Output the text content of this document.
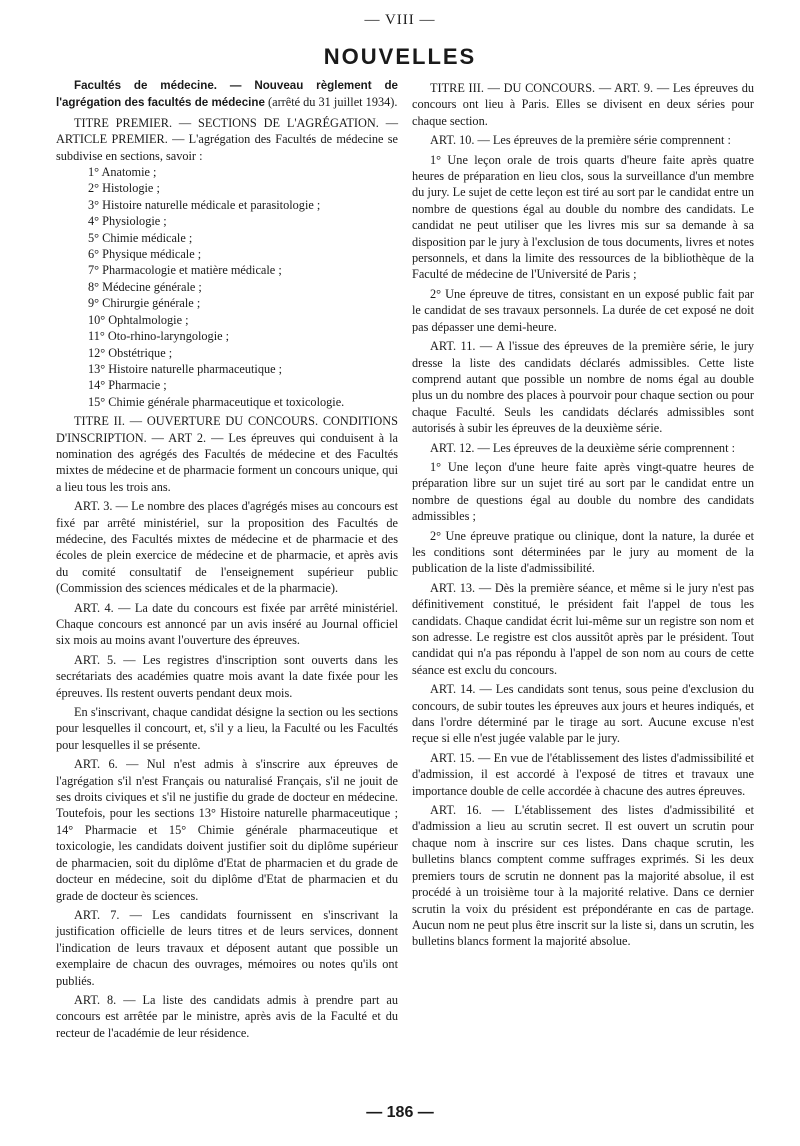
— VIII —
NOUVELLES

Facultés de médecine. — Nouveau règlement de l'agrégation des facultés de médecine (arrêté du 31 juillet 1934).

TITRE PREMIER. — SECTIONS DE L'AGRÉGATION. — ARTICLE PREMIER. — L'agrégation des Facultés de médecine se subdivise en sections, savoir :

1° Anatomie ;

2° Histologie ;

3° Histoire naturelle médicale et parasitologie ;

4° Physiologie ;

5° Chimie médicale ;

6° Physique médicale ;

7° Pharmacologie et matière médicale ;

8° Médecine générale ;

9° Chirurgie générale ;

10° Ophtalmologie ;

11° Oto-rhino-laryngologie ;

12° Obstétrique ;

13° Histoire naturelle pharmaceutique ;

14° Pharmacie ;

15° Chimie générale pharmaceutique et toxicologie.

TITRE II. — OUVERTURE DU CONCOURS. CONDITIONS D'INSCRIPTION. — ART 2. — Les épreuves qui conduisent à la nomination des agrégés des Facultés de médecine et des Facultés mixtes de médecine et de pharmacie forment un concours unique, qui a lieu tous les trois ans.

ART. 3. — Le nombre des places d'agrégés mises au concours est fixé par arrêté ministériel, sur la proposition des Facultés de médecine, des Facultés mixtes de médecine et de pharmacie et des écoles de plein exercice de médecine et de pharmacie, et après avis du comité consultatif de l'enseignement supérieur public (Commission des sciences médicales et de la pharmacie).

ART. 4. — La date du concours est fixée par arrêté ministériel. Chaque concours est annoncé par un avis inséré au Journal officiel six mois au moins avant l'ouverture des épreuves.

ART. 5. — Les registres d'inscription sont ouverts dans les secrétariats des académies quatre mois avant la date fixée pour les épreuves. Ils restent ouverts pendant deux mois.

En s'inscrivant, chaque candidat désigne la section ou les sections pour lesquelles il concourt, et, s'il y a lieu, la Faculté ou les Facultés pour lesquelles il se présente.

ART. 6. — Nul n'est admis à s'inscrire aux épreuves de l'agrégation s'il n'est Français ou naturalisé Français, s'il ne jouit de ses droits civiques et s'il ne justifie du grade de docteur en médecine. Toutefois, pour les sections 13° Histoire naturelle pharmaceutique ; 14° Pharmacie et 15° Chimie générale pharmaceutique et toxicologie, les candidats doivent justifier soit du diplôme supérieur de pharmacien, soit du diplôme d'Etat de pharmacien et du grade de docteur en médecine, soit du diplôme d'Etat de pharmacien et du grade de docteur ès sciences.

ART. 7. — Les candidats fournissent en s'inscrivant la justification officielle de leurs titres et de leurs services, donnent l'indication de leurs travaux et déposent autant que possible un exemplaire de chacun des ouvrages, mémoires ou notes qu'ils ont publiés.

ART. 8. — La liste des candidats admis à prendre part au concours est arrêtée par le ministre, après avis de la Faculté et du recteur de l'académie de leur résidence.

TITRE III. — DU CONCOURS. — ART. 9. — Les épreuves du concours ont lieu à Paris. Elles se divisent en deux séries pour chaque section.

ART. 10. — Les épreuves de la première série comprennent :

1° Une leçon orale de trois quarts d'heure faite après quatre heures de préparation en lieu clos, sous la surveillance d'un membre du jury. Le sujet de cette leçon est tiré au sort par le candidat entre un nombre de questions égal au double du nombre des candidats. Le candidat ne peut utiliser que les livres mis sur sa demande à sa disposition par le jury à l'exclusion de tous documents, livres et notes personnels, et dans la limite des ressources de la bibliothèque de la Faculté de médecine de l'Université de Paris ;

2° Une épreuve de titres, consistant en un exposé public fait par le candidat de ses travaux personnels. La durée de cet exposé ne doit pas dépasser une demi-heure.

ART. 11. — A l'issue des épreuves de la première série, le jury dresse la liste des candidats déclarés admissibles. Cette liste comprend autant que possible un nombre de noms égal au double plus un du nombre des places à pourvoir pour chaque section ou pour chaque Faculté. Seuls les candidats déclarés admissibles sont autorisés à subir les épreuves de la deuxième série.

ART. 12. — Les épreuves de la deuxième série comprennent :

1° Une leçon d'une heure faite après vingt-quatre heures de préparation libre sur un sujet tiré au sort par le candidat entre un nombre de questions égal au double du nombre des candidats admissibles ;

2° Une épreuve pratique ou clinique, dont la nature, la durée et les conditions sont déterminées par le jury au moment de la publication de la liste d'admissibilité.

ART. 13. — Dès la première séance, et même si le jury n'est pas définitivement constitué, le président fait l'appel de tous les candidats. Chaque candidat écrit lui-même sur un registre son nom et son adresse. Le registre est clos aussitôt après par le président. Tout candidat qui n'a pas répondu à l'appel de son nom au cours de cette séance est exclu du concours.

ART. 14. — Les candidats sont tenus, sous peine d'exclusion du concours, de subir toutes les épreuves aux jours et heures indiqués, et dans l'ordre déterminé par le tirage au sort. Aucune excuse n'est reçue si elle n'est jugée valable par le jury.

ART. 15. — En vue de l'établissement des listes d'admissibilité et d'admission, il est accordé à l'exposé de titres et travaux une importance double de celle accordée à chacune des autres épreuves.

ART. 16. — L'établissement des listes d'admissibilité et d'admission a lieu au scrutin secret. Il est ouvert un scrutin pour chaque nom à inscrire sur ces listes. Dans chaque scrutin, les bulletins blancs comptent comme suffrages exprimés. Si les deux premiers tours de scrutin ne donnent pas la majorité absolue, il est procédé à un troisième tour à la majorité relative. Dans ce dernier scrutin la voix du président est prépondérante en cas de partage. Aucun nom ne peut plus être inscrit sur la liste si, dans un scrutin, les bulletins blancs forment la majorité absolue.

— 186 —
